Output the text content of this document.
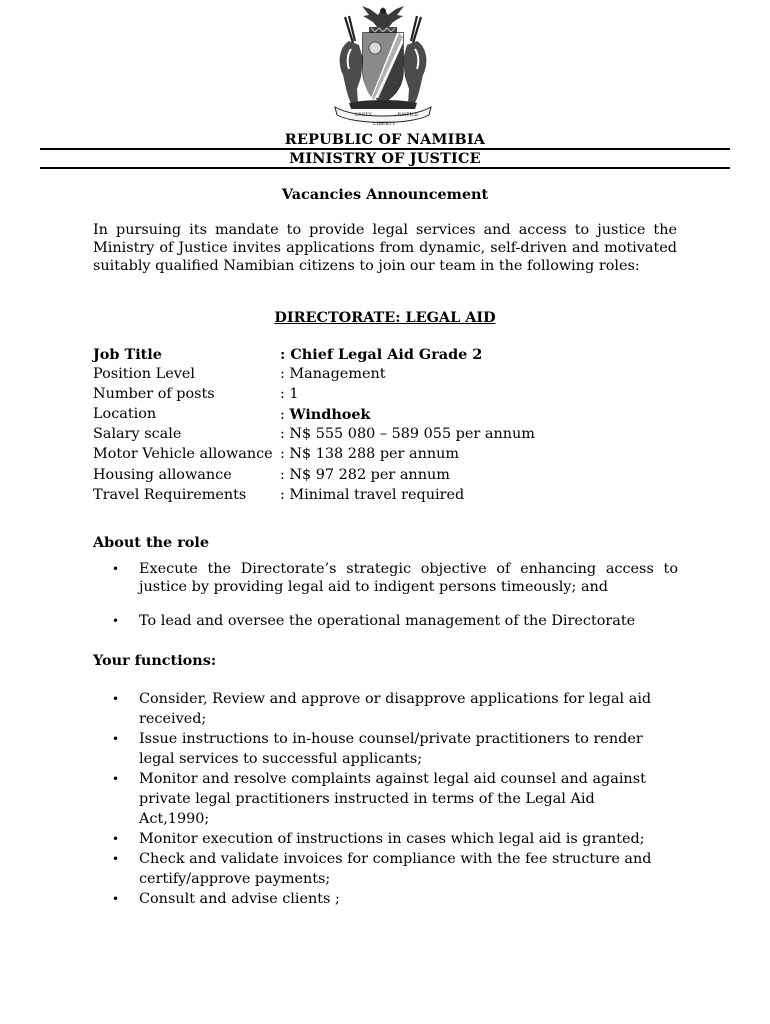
UNITY	JUSTICE
LIBERTY
REPUBLIC OF NAMIBIA
MINISTRY OF JUSTICE
Vacancies Announcement
In pursuing its mandate to provide legal services and access to justice the Ministry of Justice invites applications from dynamic, self-driven and motivated suitably qualified Namibian citizens to join our team in the following roles:
DIRECTORATE: LEGAL AID
Job Title	: Chief Legal Aid Grade 2
Position Level	: Management
Number of posts	: 1
Location	: Windhoek
Salary scale	: N$ 555 080 – 589 055 per annum
Motor Vehicle allowance : N$ 138 288 per annum
Housing allowance	: N$ 97 282 per annum
Travel Requirements : Minimal travel required
About the role
• Execute the Directorate’s strategic objective of enhancing access to justice by providing legal aid to indigent persons timeously; and
• To lead and oversee the operational management of the Directorate
Your functions:
• Consider, Review and approve or disapprove applications for legal aid
received;
• Issue instructions to in-house counsel/private practitioners to render
legal services to successful applicants;
• Monitor and resolve complaints against legal aid counsel and against
private legal practitioners instructed in terms of the Legal Aid
Act,1990;
• Monitor execution of instructions in cases which legal aid is granted;
• Check and validate invoices for compliance with the fee structure and
certify/approve payments;
• Consult and advise clients ;
